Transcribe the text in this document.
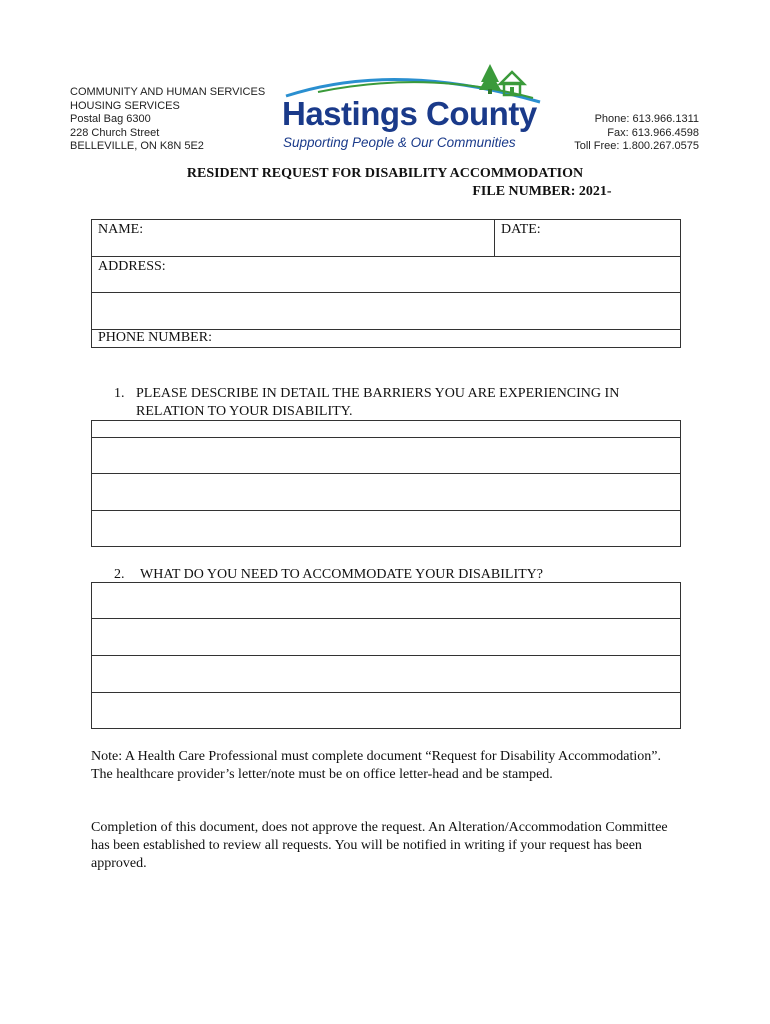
COMMUNITY AND HUMAN SERVICES
HOUSING SERVICES
Postal Bag 6300
228 Church Street
BELLEVILLE, ON K8N 5E2
Hastings County
Supporting People & Our Communities
Phone: 613.966.1311
Fax: 613.966.4598
Toll Free: 1.800.267.0575
RESIDENT REQUEST FOR DISABILITY ACCOMMODATION
FILE NUMBER: 2021-
NAME:	DATE:
ADDRESS:
PHONE NUMBER:
1. PLEASE DESCRIBE IN DETAIL THE BARRIERS YOU ARE EXPERIENCING IN
RELATION TO YOUR DISABILITY.
2. WHAT DO YOU NEED TO ACCOMMODATE YOUR DISABILITY?
Note: A Health Care Professional must complete document “Request for Disability Accommodation”. The healthcare provider’s letter/note must be on office letter-head and be stamped.
Completion of this document, does not approve the request. An Alteration/Accommodation Committee has been established to review all requests. You will be notified in writing if your request has been approved.
